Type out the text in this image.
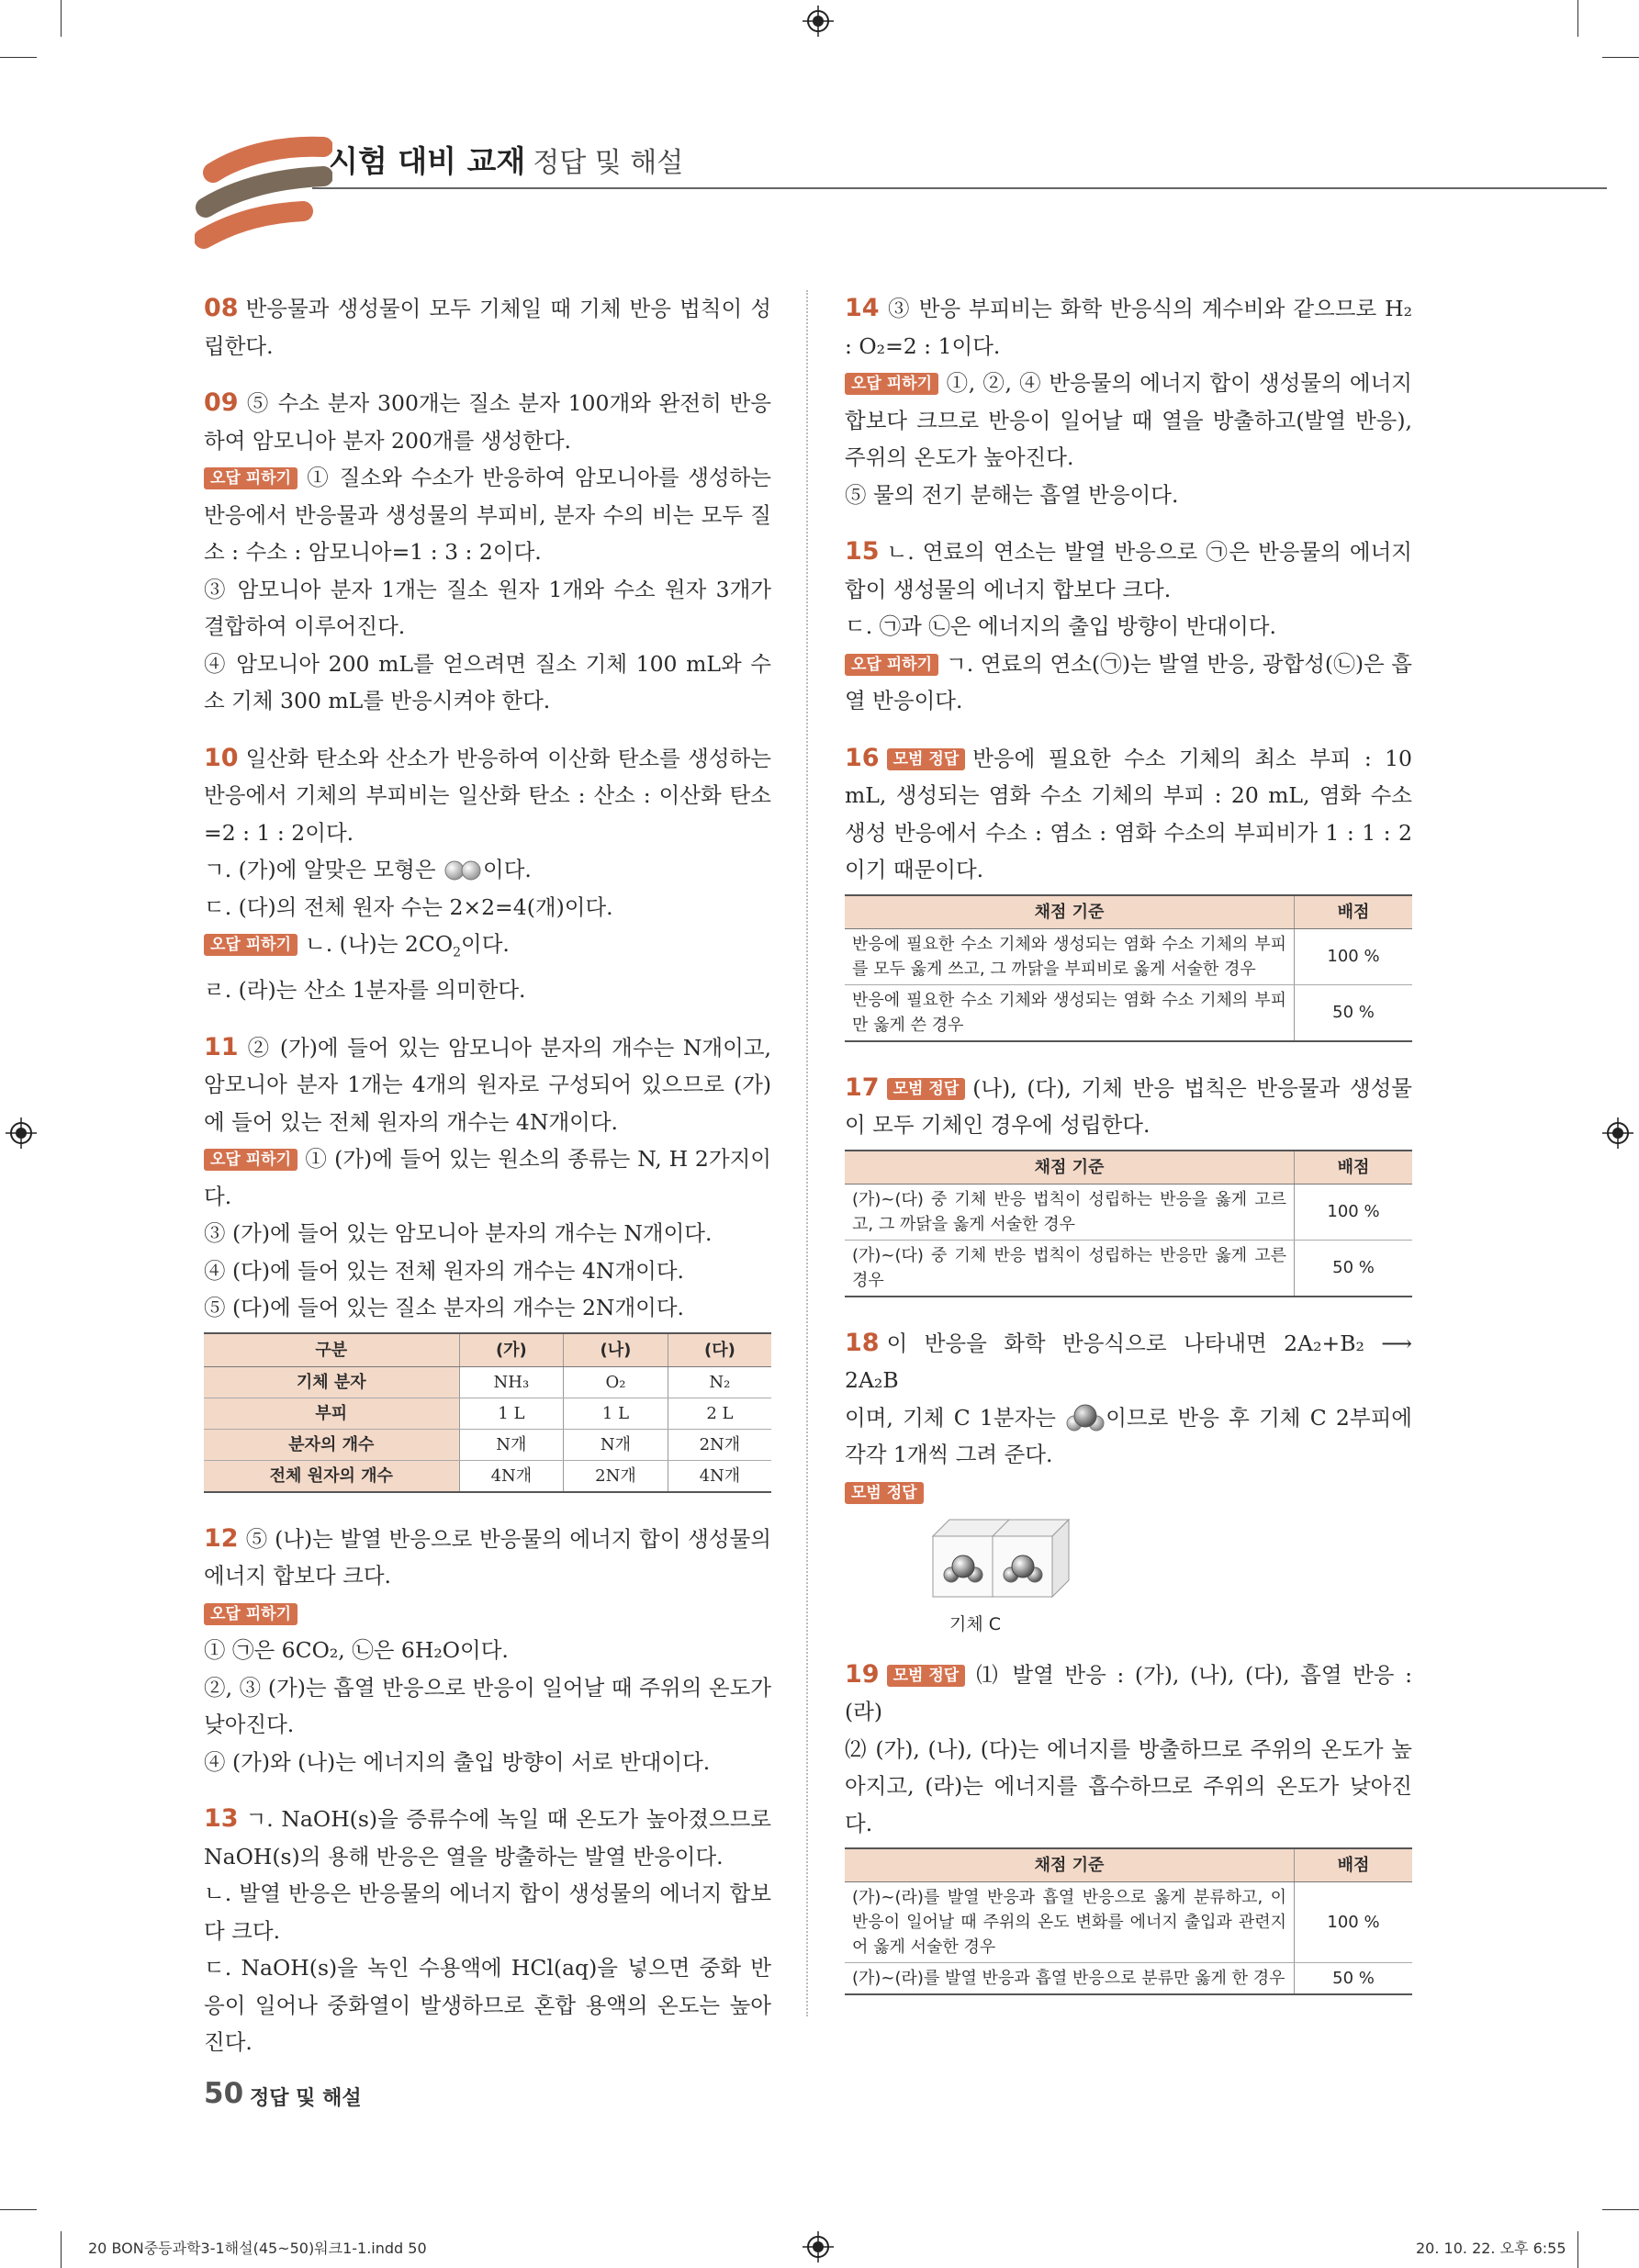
시험 대비 교재 정답 및 해설

08 반응물과 생성물이 모두 기체일 때 기체 반응 법칙이 성립한다.

09 ⑤ 수소 분자 300개는 질소 분자 100개와 완전히 반응하여 암모니아 분자 200개를 생성한다.

오답 피하기 ① 질소와 수소가 반응하여 암모니아를 생성하는 반응에서 반응물과 생성물의 부피비, 분자 수의 비는 모두 질소 : 수소 : 암모니아=1 : 3 : 2이다.

③ 암모니아 분자 1개는 질소 원자 1개와 수소 원자 3개가 결합하여 이루어진다.

④ 암모니아 200 mL를 얻으려면 질소 기체 100 mL와 수소 기체 300 mL를 반응시켜야 한다.

10 일산화 탄소와 산소가 반응하여 이산화 탄소를 생성하는 반응에서 기체의 부피비는 일산화 탄소 : 산소 : 이산화 탄소=2 : 1 : 2이다.

ㄱ. (가)에 알맞은 모형은 이다.

ㄷ. (다)의 전체 원자 수는 2×2=4(개)이다.

오답 피하기 ㄴ. (나)는 $2CO_2$이다.

ㄹ. (라)는 산소 1분자를 의미한다.

11 ② (가)에 들어 있는 암모니아 분자의 개수는 N개이고, 암모니아 분자 1개는 4개의 원자로 구성되어 있으므로 (가)에 들어 있는 전체 원자의 개수는 4N개이다.

오답 피하기 ① (가)에 들어 있는 원소의 종류는 N, H 2가지이다.

③ (가)에 들어 있는 암모니아 분자의 개수는 N개이다.

④ (다)에 들어 있는 전체 원자의 개수는 4N개이다.

⑤ (다)에 들어 있는 질소 분자의 개수는 2N개이다.

구분	(가)	(나)	(다)
기체 분자	NH₃	O₂	N₂
부피	1 L	1 L	2 L
분자의 개수	N개	N개	2N개
전체 원자의 개수	4N개	2N개	4N개

12 ⑤ (나)는 발열 반응으로 반응물의 에너지 합이 생성물의 에너지 합보다 크다.

오답 피하기

① ㉠은 6CO₂, ㉡은 6H₂O이다.

②, ③ (가)는 흡열 반응으로 반응이 일어날 때 주위의 온도가 낮아진다.

④ (가)와 (나)는 에너지의 출입 방향이 서로 반대이다.

13 ㄱ. NaOH(s)을 증류수에 녹일 때 온도가 높아졌으므로 NaOH(s)의 용해 반응은 열을 방출하는 발열 반응이다.

ㄴ. 발열 반응은 반응물의 에너지 합이 생성물의 에너지 합보다 크다.

ㄷ. NaOH(s)을 녹인 수용액에 HCl(aq)을 넣으면 중화 반응이 일어나 중화열이 발생하므로 혼합 용액의 온도는 높아진다.

14 ③ 반응 부피비는 화학 반응식의 계수비와 같으므로 H₂ : O₂=2 : 1이다.

오답 피하기 ①, ②, ④ 반응물의 에너지 합이 생성물의 에너지 합보다 크므로 반응이 일어날 때 열을 방출하고(발열 반응), 주위의 온도가 높아진다.

⑤ 물의 전기 분해는 흡열 반응이다.

15 ㄴ. 연료의 연소는 발열 반응으로 ㉠은 반응물의 에너지 합이 생성물의 에너지 합보다 크다.

ㄷ. ㉠과 ㉡은 에너지의 출입 방향이 반대이다.

오답 피하기 ㄱ. 연료의 연소(㉠)는 발열 반응, 광합성(㉡)은 흡열 반응이다.

16 모범 정답 반응에 필요한 수소 기체의 최소 부피 : 10 mL, 생성되는 염화 수소 기체의 부피 : 20 mL, 염화 수소 생성 반응에서 수소 : 염소 : 염화 수소의 부피비가 1 : 1 : 2이기 때문이다.

채점 기준	배점
반응에 필요한 수소 기체와 생성되는 염화 수소 기체의 부피를 모두 옳게 쓰고, 그 까닭을 부피비로 옳게 서술한 경우	100 %
반응에 필요한 수소 기체와 생성되는 염화 수소 기체의 부피만 옳게 쓴 경우	50 %

17 모범 정답 (나), (다), 기체 반응 법칙은 반응물과 생성물이 모두 기체인 경우에 성립한다.

채점 기준	배점
(가)~(다) 중 기체 반응 법칙이 성립하는 반응을 옳게 고르고, 그 까닭을 옳게 서술한 경우	100 %
(가)~(다) 중 기체 반응 법칙이 성립하는 반응만 옳게 고른 경우	50 %

18 이 반응을 화학 반응식으로 나타내면 2A₂+B₂ ⟶ 2A₂B

이며, 기체 C 1분자는 이므로 반응 후 기체 C 2부피에 각각 1개씩 그려 준다.

모범 정답

기체 C

19 모범 정답 ⑴ 발열 반응 : (가), (나), (다), 흡열 반응 : (라)

⑵ (가), (나), (다)는 에너지를 방출하므로 주위의 온도가 높아지고, (라)는 에너지를 흡수하므로 주위의 온도가 낮아진다.

채점 기준	배점
(가)~(라)를 발열 반응과 흡열 반응으로 옳게 분류하고, 이 반응이 일어날 때 주위의 온도 변화를 에너지 출입과 관련지어 옳게 서술한 경우	100 %
(가)~(라)를 발열 반응과 흡열 반응으로 분류만 옳게 한 경우	50 %
50 정답 및 해설
20 BON중등과학3-1해설(45~50)워크1-1.indd 50	20. 10. 22. 오후 6:55
